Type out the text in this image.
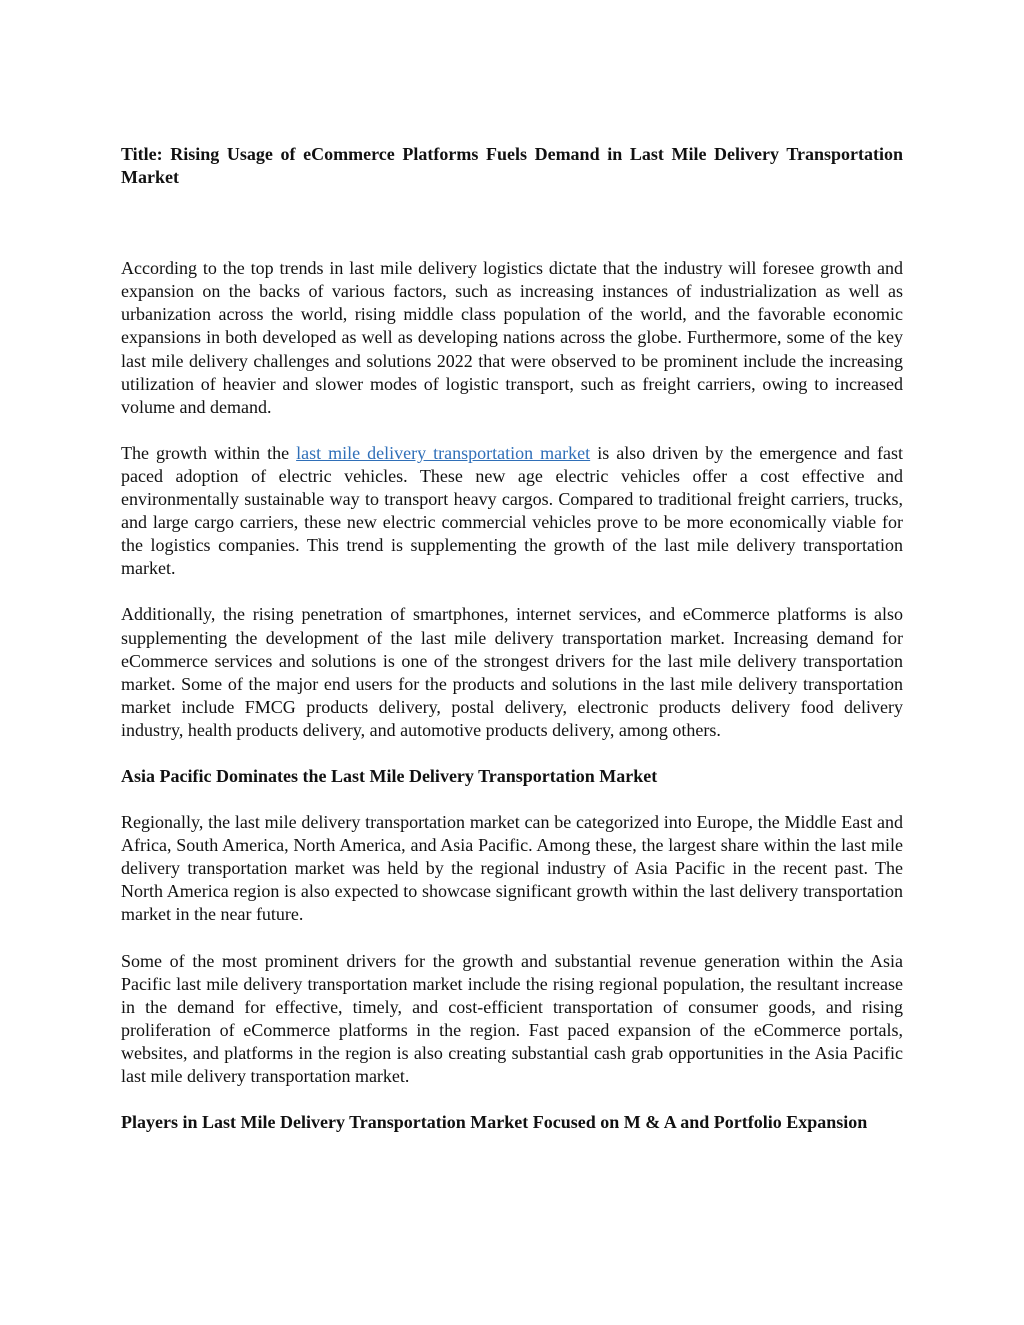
Title: Rising Usage of eCommerce Platforms Fuels Demand in Last Mile Delivery Transportation Market

According to the top trends in last mile delivery logistics dictate that the industry will foresee growth and expansion on the backs of various factors, such as increasing instances of industrialization as well as urbanization across the world, rising middle class population of the world, and the favorable economic expansions in both developed as well as developing nations across the globe. Furthermore, some of the key last mile delivery challenges and solutions 2022 that were observed to be prominent include the increasing utilization of heavier and slower modes of logistic transport, such as freight carriers, owing to increased volume and demand.

The growth within the last mile delivery transportation market is also driven by the emergence and fast paced adoption of electric vehicles. These new age electric vehicles offer a cost effective and environmentally sustainable way to transport heavy cargos. Compared to traditional freight carriers, trucks, and large cargo carriers, these new electric commercial vehicles prove to be more economically viable for the logistics companies. This trend is supplementing the growth of the last mile delivery transportation market.

Additionally, the rising penetration of smartphones, internet services, and eCommerce platforms is also supplementing the development of the last mile delivery transportation market. Increasing demand for eCommerce services and solutions is one of the strongest drivers for the last mile delivery transportation market. Some of the major end users for the products and solutions in the last mile delivery transportation market include FMCG products delivery, postal delivery, electronic products delivery food delivery industry, health products delivery, and automotive products delivery, among others.

Asia Pacific Dominates the Last Mile Delivery Transportation Market

Regionally, the last mile delivery transportation market can be categorized into Europe, the Middle East and Africa, South America, North America, and Asia Pacific. Among these, the largest share within the last mile delivery transportation market was held by the regional industry of Asia Pacific in the recent past. The North America region is also expected to showcase significant growth within the last delivery transportation market in the near future.

Some of the most prominent drivers for the growth and substantial revenue generation within the Asia Pacific last mile delivery transportation market include the rising regional population, the resultant increase in the demand for effective, timely, and cost-efficient transportation of consumer goods, and rising proliferation of eCommerce platforms in the region. Fast paced expansion of the eCommerce portals, websites, and platforms in the region is also creating substantial cash grab opportunities in the Asia Pacific last mile delivery transportation market.

Players in Last Mile Delivery Transportation Market Focused on M & A and Portfolio Expansion
